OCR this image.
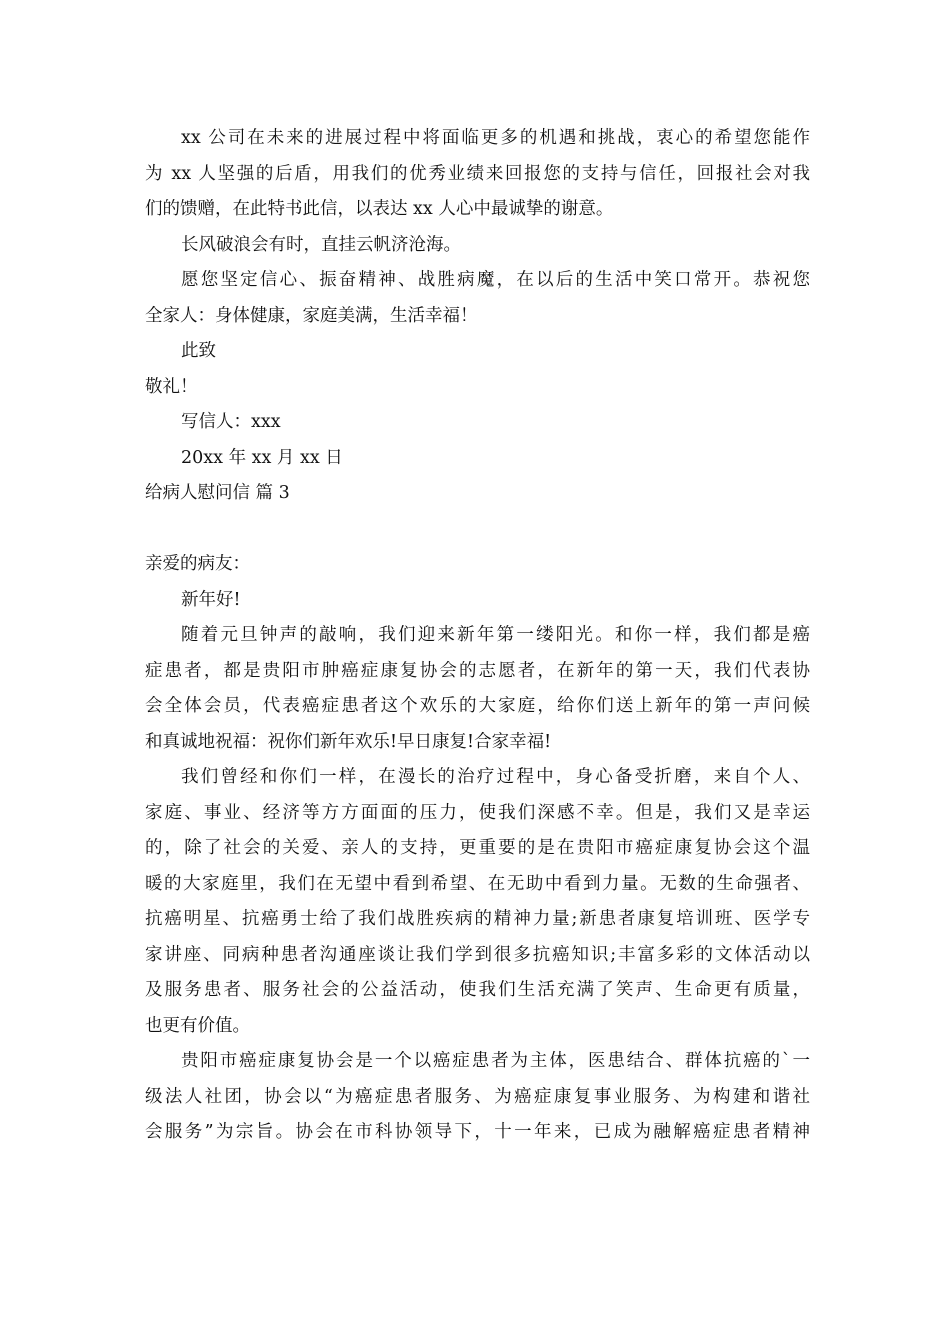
xx 公司在未来的进展过程中将面临更多的机遇和挑战，衷心的希望您能作
为 xx 人坚强的后盾，用我们的优秀业绩来回报您的支持与信任，回报社会对我
们的馈赠，在此特书此信，以表达 xx 人心中最诚挚的谢意。
长风破浪会有时，直挂云帆济沧海。
愿您坚定信心、振奋精神、战胜病魔，在以后的生活中笑口常开。恭祝您
全家人：身体健康，家庭美满，生活幸福！
此致
敬礼！
写信人：xxx
20xx 年 xx 月 xx 日
给病人慰问信 篇 3
亲爱的病友：
新年好!
随着元旦钟声的敲响，我们迎来新年第一缕阳光。和你一样，我们都是癌
症患者，都是贵阳市肿癌症康复协会的志愿者，在新年的第一天，我们代表协
会全体会员，代表癌症患者这个欢乐的大家庭，给你们送上新年的第一声问候
和真诚地祝福：祝你们新年欢乐!早日康复!合家幸福!
我们曾经和你们一样，在漫长的治疗过程中，身心备受折磨，来自个人、
家庭、事业、经济等方方面面的压力，使我们深感不幸。但是，我们又是幸运
的，除了社会的关爱、亲人的支持，更重要的是在贵阳市癌症康复协会这个温
暖的大家庭里，我们在无望中看到希望、在无助中看到力量。无数的生命强者、
抗癌明星、抗癌勇士给了我们战胜疾病的精神力量;新患者康复培训班、医学专
家讲座、同病种患者沟通座谈让我们学到很多抗癌知识;丰富多彩的文体活动以
及服务患者、服务社会的公益活动，使我们生活充满了笑声、生命更有质量，
也更有价值。
贵阳市癌症康复协会是一个以癌症患者为主体，医患结合、群体抗癌的`一
级法人社团，协会以“为癌症患者服务、为癌症康复事业服务、为构建和谐社
会服务”为宗旨。协会在市科协领导下，十一年来，已成为融解癌症患者精神
